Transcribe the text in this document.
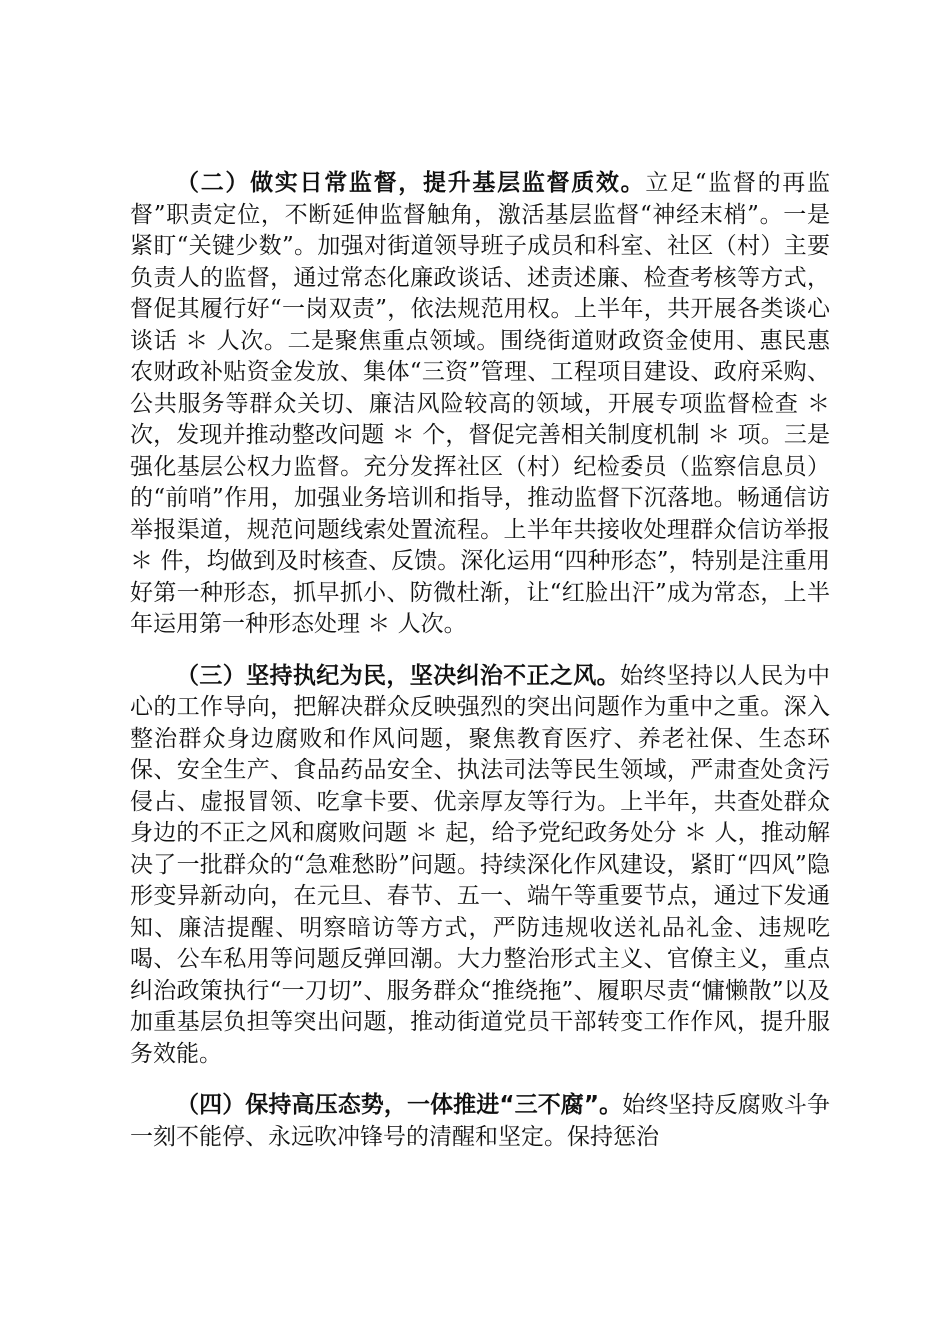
（二）做实日常监督，提升基层监督质效。立足“监督的再监督”职责定位，不断延伸监督触角，激活基层监督“神经末梢”。一是紧盯“关键少数”。加强对街道领导班子成员和科室、社区（村）主要负责人的监督，通过常态化廉政谈话、述责述廉、检查考核等方式，督促其履行好“一岗双责”，依法规范用权。上半年，共开展各类谈心谈话 ＊ 人次。二是聚焦重点领域。围绕街道财政资金使用、惠民惠农财政补贴资金发放、集体“三资”管理、工程项目建设、政府采购、公共服务等群众关切、廉洁风险较高的领域，开展专项监督检查 ＊ 次，发现并推动整改问题 ＊ 个，督促完善相关制度机制 ＊ 项。三是强化基层公权力监督。充分发挥社区（村）纪检委员（监察信息员）的“前哨”作用，加强业务培训和指导，推动监督下沉落地。畅通信访举报渠道，规范问题线索处置流程。上半年共接收处理群众信访举报 ＊ 件，均做到及时核查、反馈。深化运用“四种形态”，特别是注重用好第一种形态，抓早抓小、防微杜渐，让“红脸出汗”成为常态，上半年运用第一种形态处理 ＊ 人次。

（三）坚持执纪为民，坚决纠治不正之风。始终坚持以人民为中心的工作导向，把解决群众反映强烈的突出问题作为重中之重。深入整治群众身边腐败和作风问题，聚焦教育医疗、养老社保、生态环保、安全生产、食品药品安全、执法司法等民生领域，严肃查处贪污侵占、虚报冒领、吃拿卡要、优亲厚友等行为。上半年，共查处群众身边的不正之风和腐败问题 ＊ 起，给予党纪政务处分 ＊ 人，推动解决了一批群众的“急难愁盼”问题。持续深化作风建设，紧盯“四风”隐形变异新动向，在元旦、春节、五一、端午等重要节点，通过下发通知、廉洁提醒、明察暗访等方式，严防违规收送礼品礼金、违规吃喝、公车私用等问题反弹回潮。大力整治形式主义、官僚主义，重点纠治政策执行“一刀切”、服务群众“推绕拖”、履职尽责“慵懒散”以及加重基层负担等突出问题，推动街道党员干部转变工作作风，提升服务效能。

（四）保持高压态势，一体推进“三不腐”。始终坚持反腐败斗争一刻不能停、永远吹冲锋号的清醒和坚定。保持惩治
